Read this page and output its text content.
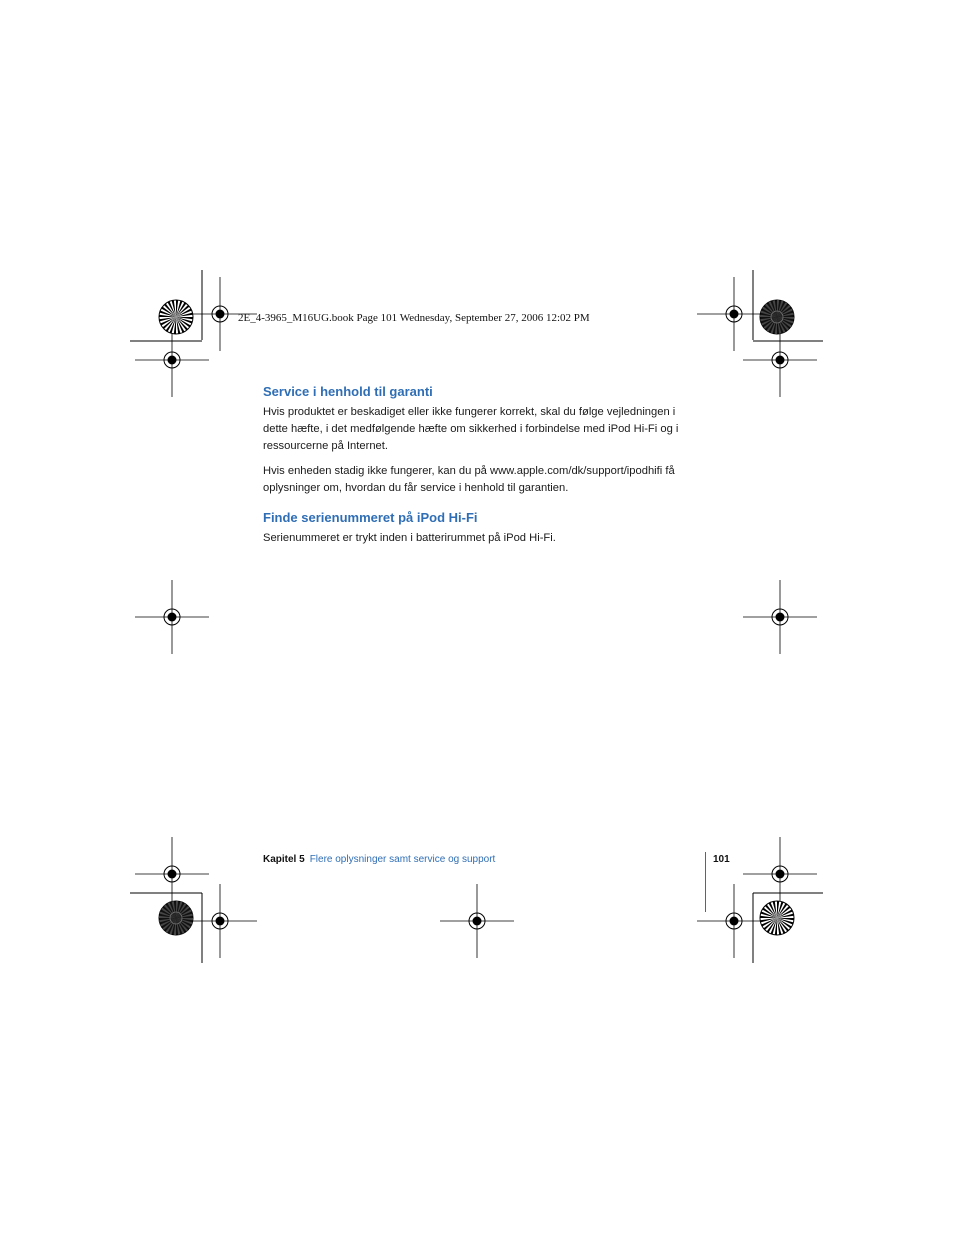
2E_4-3965_M16UG.book Page 101 Wednesday, September 27, 2006 12:02 PM
Service i henhold til garanti

Hvis produktet er beskadiget eller ikke fungerer korrekt, skal du følge vejledningen i dette hæfte, i det medfølgende hæfte om sikkerhed i forbindelse med iPod Hi-Fi og i ressourcerne på Internet.

Hvis enheden stadig ikke fungerer, kan du på www.apple.com/dk/support/ipodhifi få oplysninger om, hvordan du får service i henhold til garantien.

Finde serienummeret på iPod Hi-Fi

Serienummeret er trykt inden i batterirummet på iPod Hi-Fi.

Kapitel 5 Flere oplysninger samt service og support	101
